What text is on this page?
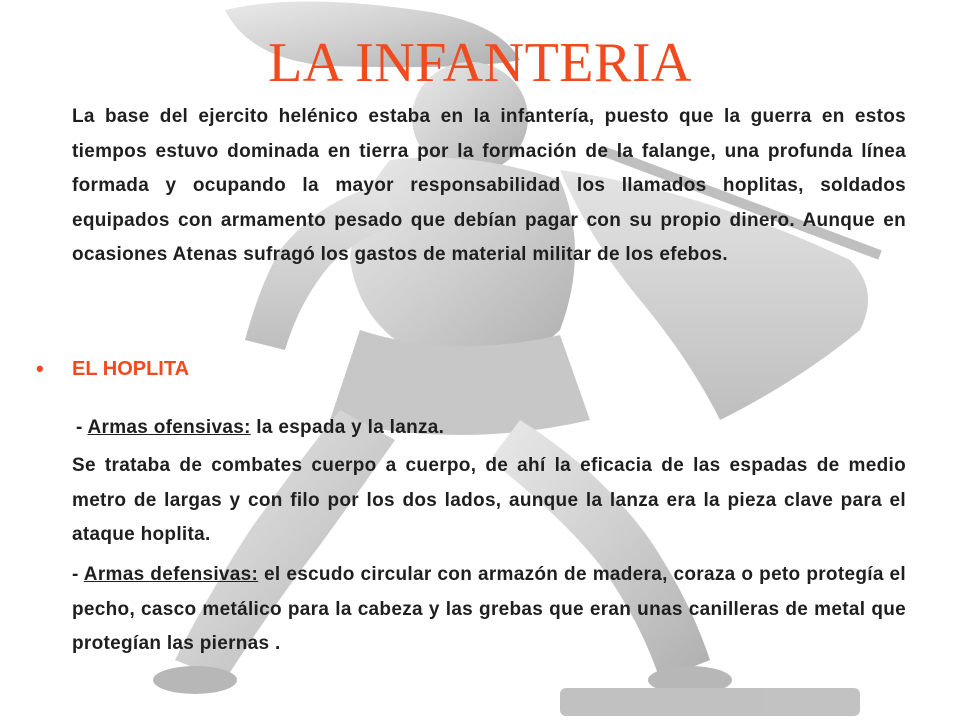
LA INFANTERIA
La base del ejercito helénico estaba en la infantería, puesto que la guerra en estos tiempos estuvo dominada en tierra por la formación de la falange, una profunda línea formada y ocupando la mayor responsabilidad los llamados hoplitas, soldados equipados con armamento pesado que debían pagar con su propio dinero. Aunque en ocasiones Atenas sufragó los gastos de material militar de los efebos.
• EL HOPLITA
- Armas ofensivas: la espada y la lanza.
Se trataba de combates cuerpo a cuerpo, de ahí la eficacia de las espadas de medio metro de largas y con filo por los dos lados, aunque la lanza era la pieza clave para el ataque hoplita.
- Armas defensivas: el escudo circular con armazón de madera, coraza o peto protegía el pecho, casco metálico para la cabeza y las grebas que eran unas canilleras de metal que protegían las piernas .
